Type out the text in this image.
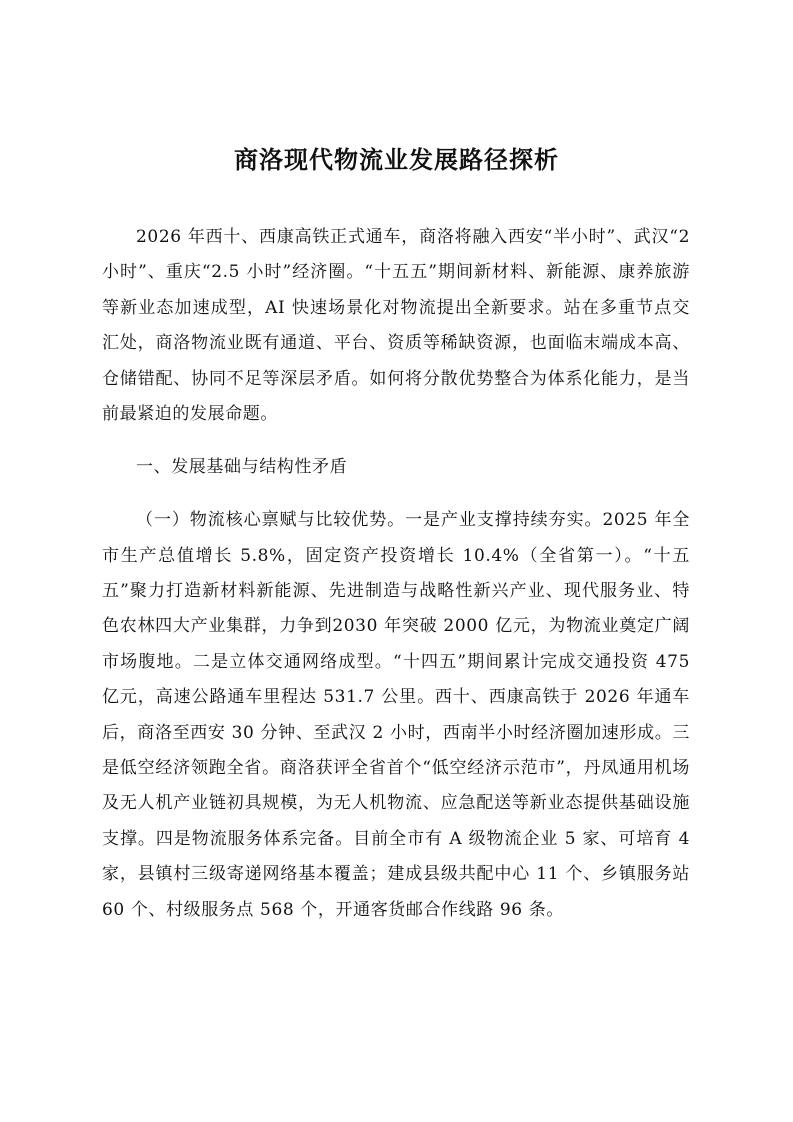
商洛现代物流业发展路径探析

2026 年西十、西康高铁正式通车，商洛将融入西安“半小时”、武汉“2 小时”、重庆“2.5 小时”经济圈。“十五五”期间新材料、新能源、康养旅游等新业态加速成型，AI 快速场景化对物流提出全新要求。站在多重节点交汇处，商洛物流业既有通道、平台、资质等稀缺资源，也面临末端成本高、仓储错配、协同不足等深层矛盾。如何将分散优势整合为体系化能力，是当前最紧迫的发展命题。

一、发展基础与结构性矛盾

（一）物流核心禀赋与比较优势。一是产业支撑持续夯实。2025 年全市生产总值增长 5.8%，固定资产投资增长 10.4%（全省第一）。“十五五”聚力打造新材料新能源、先进制造与战略性新兴产业、现代服务业、特色农林四大产业集群，力争到2030 年突破 2000 亿元，为物流业奠定广阔市场腹地。二是立体交通网络成型。“十四五”期间累计完成交通投资 475 亿元，高速公路通车里程达 531.7 公里。西十、西康高铁于 2026 年通车后，商洛至西安 30 分钟、至武汉 2 小时，西南半小时经济圈加速形成。三是低空经济领跑全省。商洛获评全省首个“低空经济示范市”，丹凤通用机场及无人机产业链初具规模，为无人机物流、应急配送等新业态提供基础设施支撑。四是物流服务体系完备。目前全市有 A 级物流企业 5 家、可培育 4 家，县镇村三级寄递网络基本覆盖；建成县级共配中心 11 个、乡镇服务站 60 个、村级服务点 568 个，开通客货邮合作线路 96 条。
